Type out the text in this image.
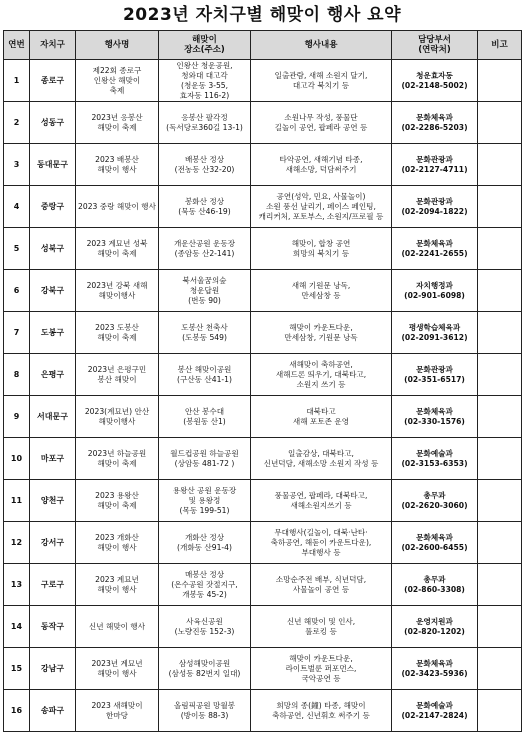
2023년 자치구별 해맞이 행사 요약
연번	자치구	행사명	해맞이
장소(주소)	행사내용	담당부서
(연락처)	비고

1	종로구	제22회 종로구
인왕산 해맞이
축제	인왕산 청운공원,
청와대 대고각
(청운동 3-55,
효자동 116-2)	일출관람, 새해 소원지 달기,
대고각 북치기 등	청운효자동
(02-2148-5002)	

2	성동구	2023년 응봉산
해맞이 축제	응봉산 팔각정
(독서당로360길 13-1)	소원나무 작성, 풍물단
길놀이 공연, 팝페라 공연 등	문화체육과
(02-2286-5203)	

3	동대문구	2023 배봉산
해맞이 행사	배봉산 정상
(전농동 산32-20)	타악공연, 새해기념 타종,
새해소망, 덕담써주기	문화관광과
(02-2127-4711)	

4	중랑구	2023 중랑 해맞이 행사	봉화산 정상
(묵동 산46-19)	공연(성악, 민요, 사물놀이)
소원 풍선 날리기, 페이스 페인팅,
캐리커처, 포토부스, 소원지/프로필 등	문화관광과
(02-2094-1822)	

5	성북구	2023 계묘년 성북
해맞이 축제	개운산공원 운동장
(종암동 산2-141)	해맞이, 합창 공연
희망의 북치기 등	문화체육과
(02-2241-2655)	

6	강북구	2023년 강북 새해
해맞이행사	북서울꿈의숲
청운답원
(번동 90)	새해 기원문 낭독,
만세삼창 등	자치행정과
(02-901-6098)	

7	도봉구	2023 도봉산
해맞이 축제	도봉산 천축사
(도봉동 549)	해맞이 카운트다운,
만세삼창, 기원문 낭독	평생학습체육과
(02-2091-3612)	

8	은평구	2023년 은평구민
봉산 해맞이	봉산 해맞이공원
(구산동 산41-1)	새해맞이 축하공연,
새해드론 띄우기, 대북타고,
소원지 쓰기 등	문화관광과
(02-351-6517)	

9	서대문구	2023(계묘년) 안산
해맞이행사	안산 봉수대
(봉원동 산1)	대북타고
새해 포토존 운영	문화체육과
(02-330-1576)	

10	마포구	2023년 하늘공원
해맞이 축제	월드컵공원 하늘공원
(상암동 481-72 )	일출감상, 대북타고,
신년덕담, 새해소망 소원지 작성 등	문화예술과
(02-3153-6353)	

11	양천구	2023 용왕산
해맞이 축제	용왕산 공원 운동장
및 용왕정
(목동 199-51)	풍물공연, 팝페라, 대북타고,
새해소원지쓰기 등	총무과
(02-2620-3060)	

12	강서구	2023 개화산
해맞이 행사	개화산 정상
(개화동 산91-4)	무대행사(길놀이, 대북·난타·
축하공연, 해돋이 카운트다운),
부대행사 등	문화체육과
(02-2600-6455)	

13	구로구	2023 계묘년
해맞이 행사	매봉산 정상
(온수공원 잣절지구,
개봉동 45-2)	소망순주전 배부, 식년덕담,
사물놀이 공연 등	총무과
(02-860-3308)	

14	동작구	신년 해맞이 행사	사육신공원
(노량진동 152-3)	신년 해맞이 및 인사,
풀로킹 등	운영지원과
(02-820-1202)	

15	강남구	2023년 계묘년
해맞이 행사	삼성해맞이공원
(삼성동 82번지 일대)	해맞이 카운트다운,
라이트벌룬 퍼포먼스,
국악공연 등	문화체육과
(02-3423-5936)	

16	송파구	2023 새해맞이
한마당	올림픽공원 망월봉
(방이동 88-3)	희망의 종(鐘) 타종, 해맞이
축하공연, 신년휘호 써주기 등	문화예술과
(02-2147-2824)	
